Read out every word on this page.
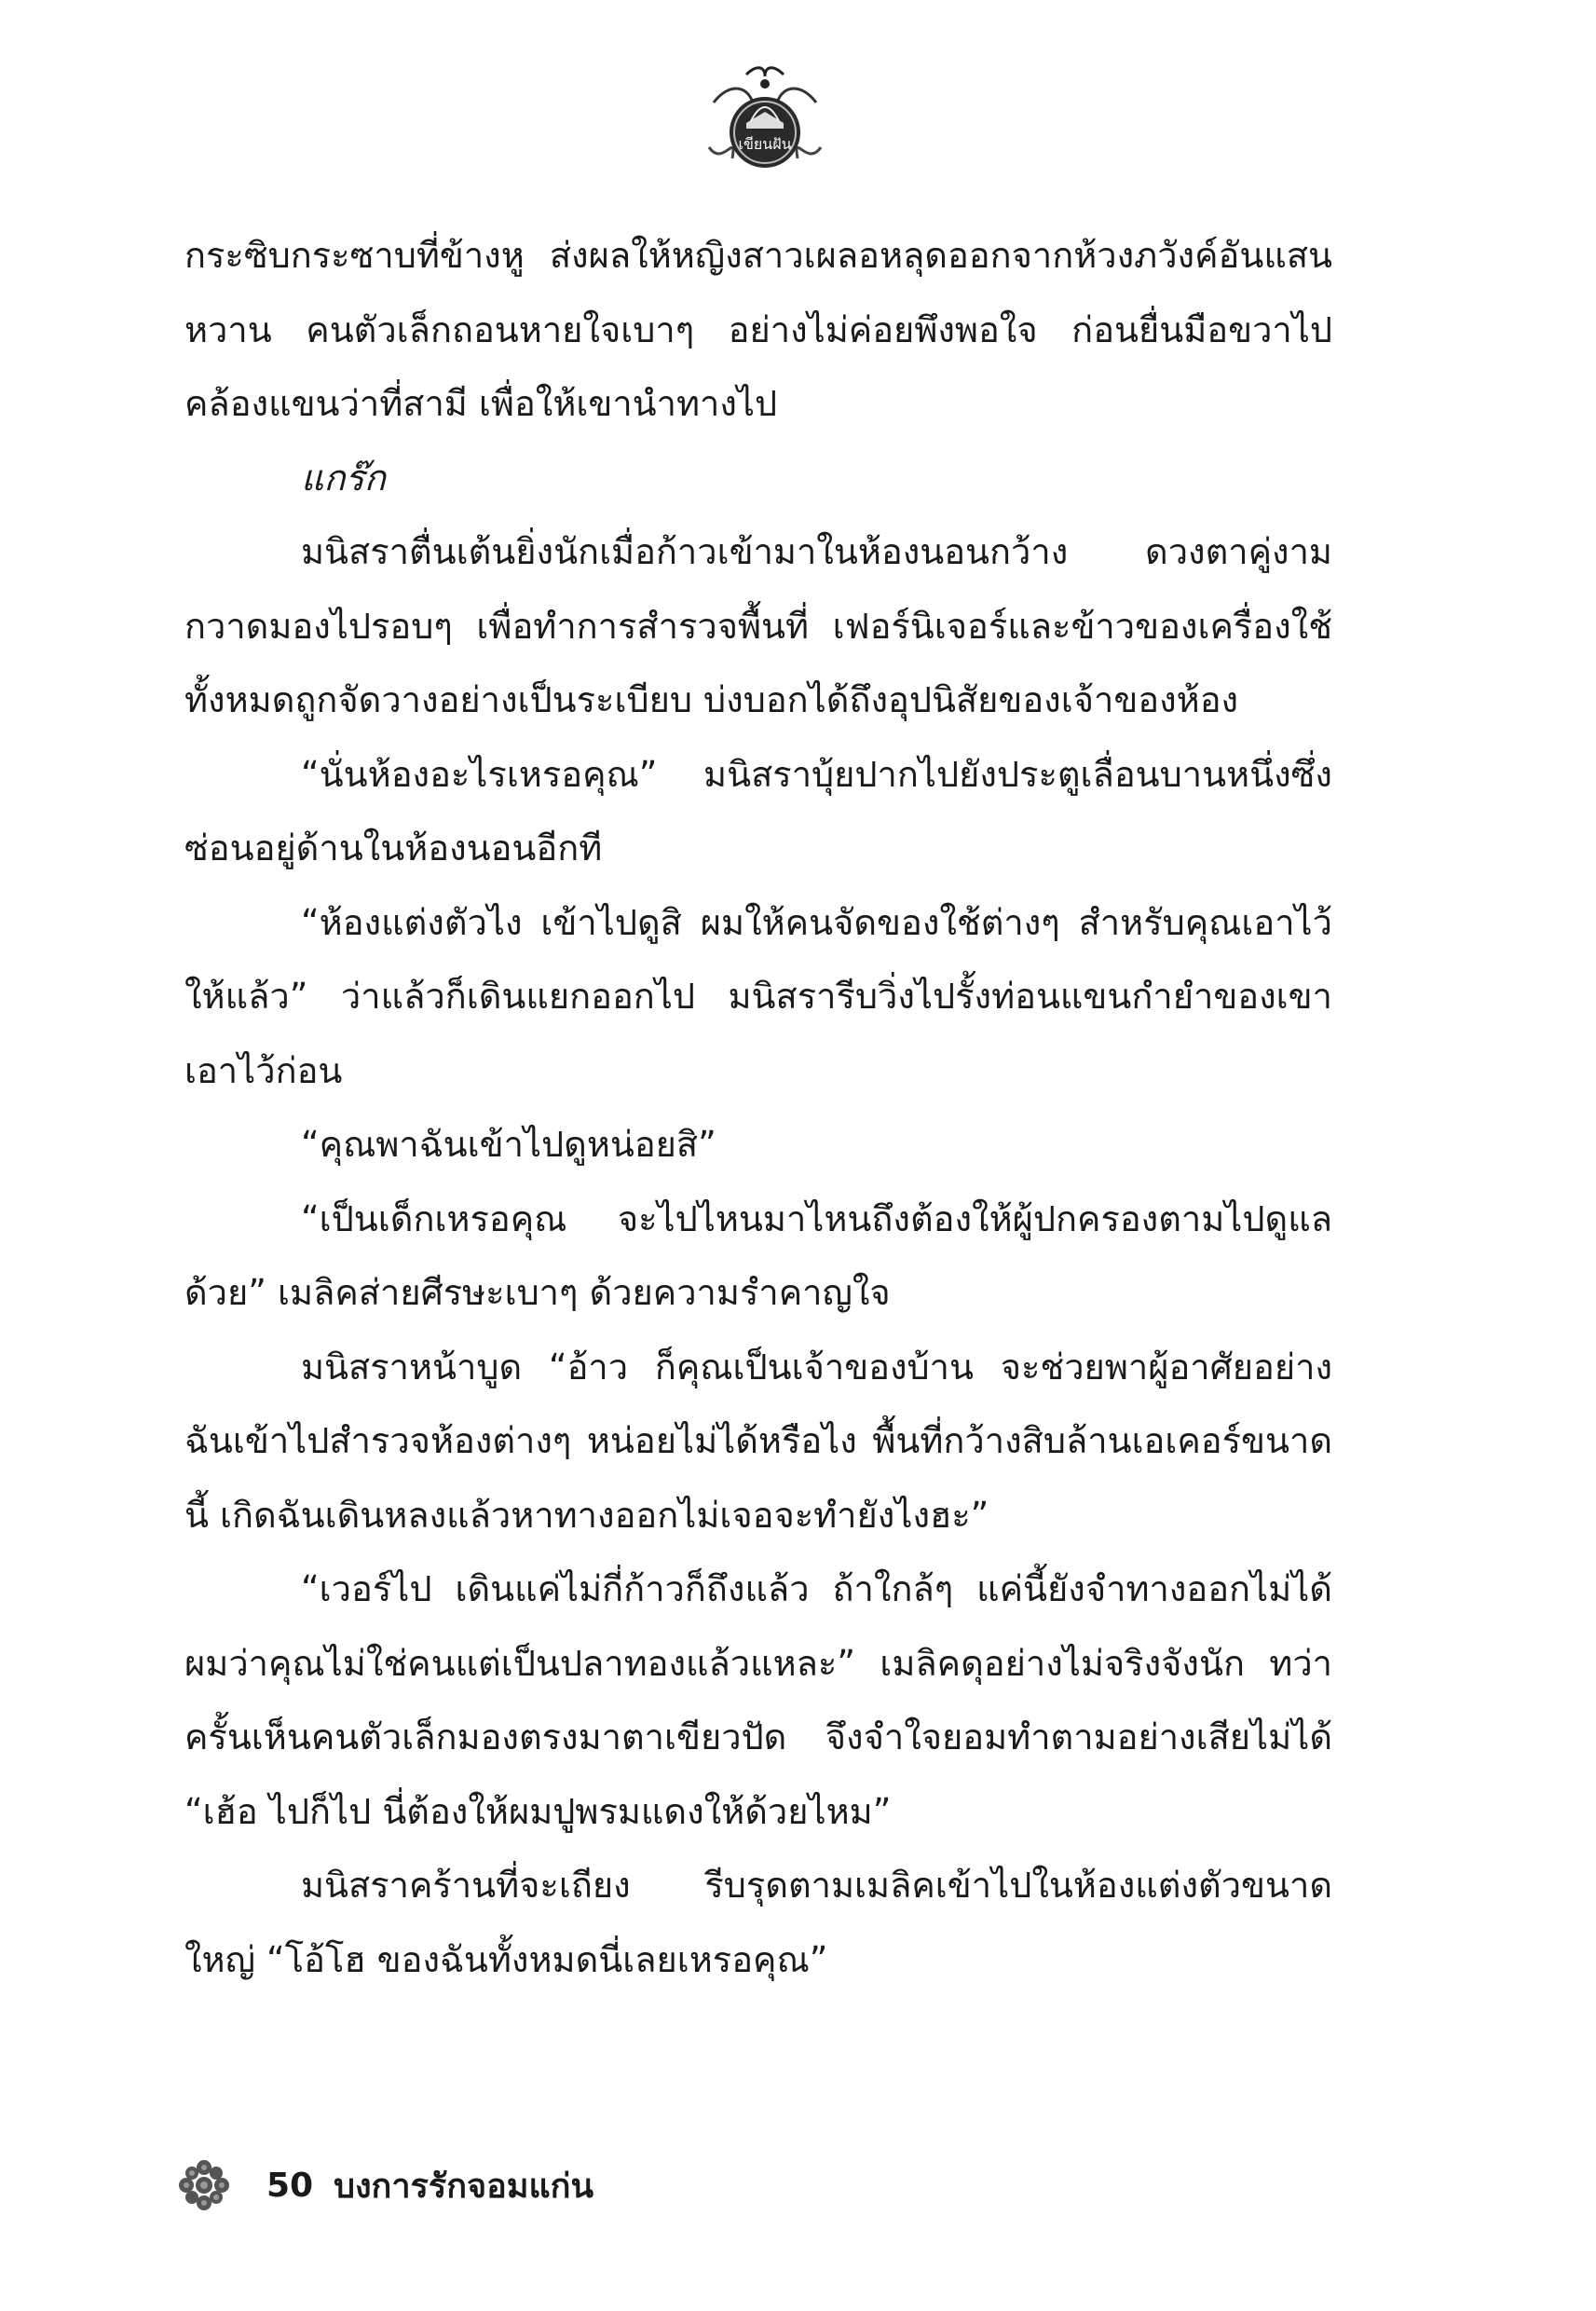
เขียนฝัน

กระซิบกระซาบที่ข้างหู ส่งผลให้หญิงสาวเผลอหลุดออกจากห้วงภวังค์อันแสนหวาน คนตัวเล็กถอนหายใจเบาๆ อย่างไม่ค่อยพึงพอใจ ก่อนยื่นมือขวาไปคล้องแขนว่าที่สามี เพื่อให้เขานำทางไป

แกร๊ก

มนิสราตื่นเต้นยิ่งนักเมื่อก้าวเข้ามาในห้องนอนกว้าง ดวงตาคู่งามกวาดมองไปรอบๆ เพื่อทำการสำรวจพื้นที่ เฟอร์นิเจอร์และข้าวของเครื่องใช้ทั้งหมดถูกจัดวางอย่างเป็นระเบียบ บ่งบอกได้ถึงอุปนิสัยของเจ้าของห้อง

“นั่นห้องอะไรเหรอคุณ” มนิสราบุ้ยปากไปยังประตูเลื่อนบานหนึ่งซึ่งซ่อนอยู่ด้านในห้องนอนอีกที

“ห้องแต่งตัวไง เข้าไปดูสิ ผมให้คนจัดของใช้ต่างๆ สำหรับคุณเอาไว้ให้แล้ว” ว่าแล้วก็เดินแยกออกไป มนิสรารีบวิ่งไปรั้งท่อนแขนกำยำของเขาเอาไว้ก่อน

“คุณพาฉันเข้าไปดูหน่อยสิ”

“เป็นเด็กเหรอคุณ จะไปไหนมาไหนถึงต้องให้ผู้ปกครองตามไปดูแลด้วย” เมลิคส่ายศีรษะเบาๆ ด้วยความรำคาญใจ

มนิสราหน้าบูด “อ้าว ก็คุณเป็นเจ้าของบ้าน จะช่วยพาผู้อาศัยอย่างฉันเข้าไปสำรวจห้องต่างๆ หน่อยไม่ได้หรือไง พื้นที่กว้างสิบล้านเอเคอร์ขนาดนี้ เกิดฉันเดินหลงแล้วหาทางออกไม่เจอจะทำยังไงฮะ”

“เวอร์ไป เดินแค่ไม่กี่ก้าวก็ถึงแล้ว ถ้าใกล้ๆ แค่นี้ยังจำทางออกไม่ได้ ผมว่าคุณไม่ใช่คนแต่เป็นปลาทองแล้วแหละ” เมลิคดุอย่างไม่จริงจังนัก ทว่าครั้นเห็นคนตัวเล็กมองตรงมาตาเขียวปัด จึงจำใจยอมทำตามอย่างเสียไม่ได้ “เฮ้อ ไปก็ไป นี่ต้องให้ผมปูพรมแดงให้ด้วยไหม”

มนิสราคร้านที่จะเถียง รีบรุดตามเมลิคเข้าไปในห้องแต่งตัวขนาดใหญ่ “โอ้โฮ ของฉันทั้งหมดนี่เลยเหรอคุณ”

50 บงการรักจอมแก่น
